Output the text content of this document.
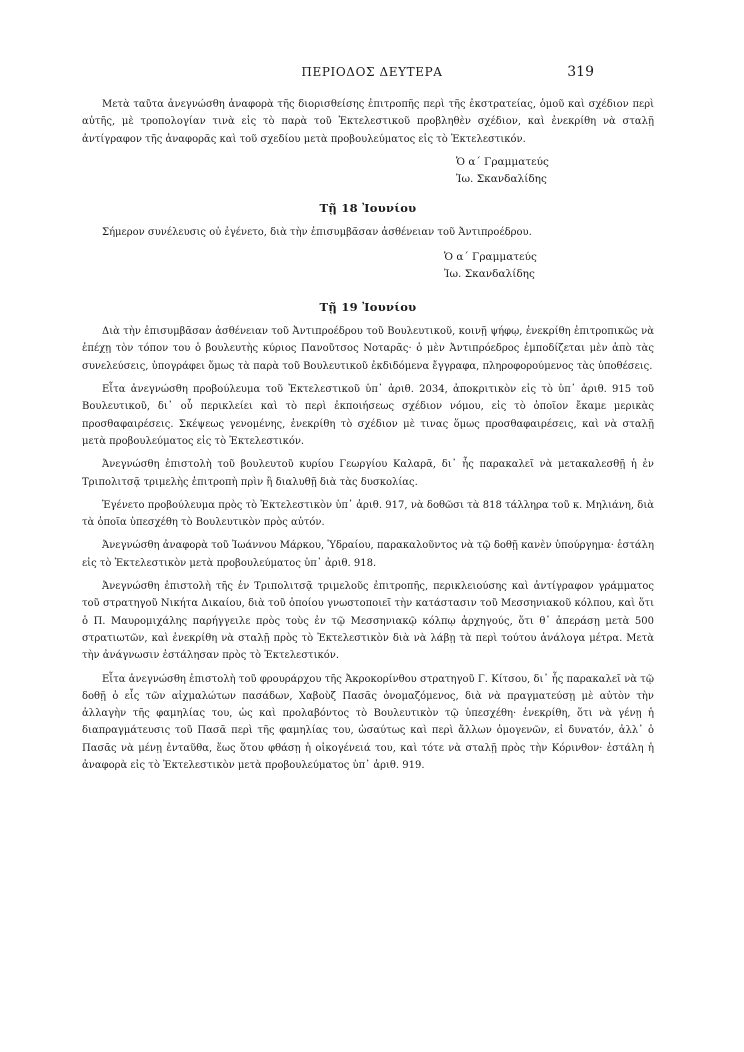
ΠΕΡΙΟΔΟΣ ΔΕΥΤΕΡΑ	319

Μετὰ ταῦτα ἀνεγνώσθη ἀναφορὰ τῆς διορισθείσης ἐπιτροπῆς περὶ τῆς ἐκστρατείας, ὁμοῦ καὶ σχέδιον περὶ αὐτῆς, μὲ τροπολογίαν τινὰ εἰς τὸ παρὰ τοῦ Ἐκτελεστικοῦ προβληθὲν σχέδιον, καὶ ἐνεκρίθη νὰ σταλῇ ἀντίγραφον τῆς ἀναφορᾶς καὶ τοῦ σχεδίου μετὰ προβουλεύματος εἰς τὸ Ἐκτελεστικόν.

Ὁ α΄ Γραμματεύς
Ἰω. Σκανδαλίδης
Τῇ 18 Ἰουνίου

Σήμερον συνέλευσις οὐ ἐγένετο, διὰ τὴν ἐπισυμβᾶσαν ἀσθένειαν τοῦ Ἀντιπροέδρου.

Ὁ α΄ Γραμματεύς
Ἰω. Σκανδαλίδης
Τῇ 19 Ἰουνίου

Διὰ τὴν ἐπισυμβᾶσαν ἀσθένειαν τοῦ Ἀντιπροέδρου τοῦ Βουλευτικοῦ, κοινῇ ψήφῳ, ἐνεκρίθη ἐπιτροπικῶς νὰ ἐπέχῃ τὸν τόπον του ὁ βουλευτὴς κύριος Πανοῦτσος Νοταρᾶς· ὁ μὲν Ἀντιπρόεδρος ἐμποδίζεται μὲν ἀπὸ τὰς συνελεύσεις, ὑπογράφει ὅμως τὰ παρὰ τοῦ Βουλευτικοῦ ἐκδιδόμενα ἔγγραφα, πληροφορούμενος τὰς ὑποθέσεις.

Εἶτα ἀνεγνώσθη προβούλευμα τοῦ Ἐκτελεστικοῦ ὑπ᾽ ἀριθ. 2034, ἀποκριτικὸν εἰς τὸ ὑπ᾽ ἀριθ. 915 τοῦ Βουλευτικοῦ, δι᾽ οὗ περικλείει καὶ τὸ περὶ ἐκποιήσεως σχέδιον νόμου, εἰς τὸ ὁποῖον ἔκαμε μερικὰς προσθαφαιρέσεις. Σκέψεως γενομένης, ἐνεκρίθη τὸ σχέδιον μὲ τινας ὅμως προσθαφαιρέσεις, καὶ νὰ σταλῇ μετὰ προβουλεύματος εἰς τὸ Ἐκτελεστικόν.

Ἀνεγνώσθη ἐπιστολὴ τοῦ βουλευτοῦ κυρίου Γεωργίου Καλαρᾶ, δι᾽ ἧς παρακαλεῖ νὰ μετακαλεσθῇ ἡ ἐν Τριπολιτσᾷ τριμελὴς ἐπιτροπὴ πρὶν ἢ διαλυθῇ διὰ τὰς δυσκολίας.

Ἐγένετο προβούλευμα πρὸς τὸ Ἐκτελεστικὸν ὑπ᾽ ἀριθ. 917, νὰ δοθῶσι τὰ 818 τάλληρα τοῦ κ. Μηλιάνη, διὰ τὰ ὁποῖα ὑπεσχέθη τὸ Βουλευτικὸν πρὸς αὐτόν.

Ἀνεγνώσθη ἀναφορὰ τοῦ Ἰωάννου Μάρκου, Ὑδραίου, παρακαλοῦντος νὰ τῷ δοθῇ κανὲν ὑπούργημα· ἐστάλη εἰς τὸ Ἐκτελεστικὸν μετὰ προβουλεύματος ὑπ᾽ ἀριθ. 918.

Ἀνεγνώσθη ἐπιστολὴ τῆς ἐν Τριπολιτσᾷ τριμελοῦς ἐπιτροπῆς, περικλειούσης καὶ ἀντίγραφον γράμματος τοῦ στρατηγοῦ Νικήτα Δικαίου, διὰ τοῦ ὁποίου γνωστοποιεῖ τὴν κατάστασιν τοῦ Μεσσηνιακοῦ κόλπου, καὶ ὅτι ὁ Π. Μαυρομιχάλης παρήγγειλε πρὸς τοὺς ἐν τῷ Μεσσηνιακῷ κόλπῳ ἀρχηγούς, ὅτι θ᾽ ἀπεράσῃ μετὰ 500 στρατιωτῶν, καὶ ἐνεκρίθη νὰ σταλῇ πρὸς τὸ Ἐκτελεστικὸν διὰ νὰ λάβῃ τὰ περὶ τούτου ἀνάλογα μέτρα. Μετὰ τὴν ἀνάγνωσιν ἐστάλησαν πρὸς τὸ Ἐκτελεστικόν.

Εἶτα ἀνεγνώσθη ἐπιστολὴ τοῦ φρουράρχου τῆς Ἀκροκορίνθου στρατηγοῦ Γ. Κίτσου, δι᾽ ἧς παρακαλεῖ νὰ τῷ δοθῇ ὁ εἷς τῶν αἰχμαλώτων πασάδων, Χαβοὺζ Πασᾶς ὀνομαζόμενος, διὰ νὰ πραγματεύσῃ μὲ αὐτὸν τὴν ἀλλαγὴν τῆς φαμηλίας του, ὡς καὶ προλαβόντος τὸ Βουλευτικὸν τῷ ὑπεσχέθη· ἐνεκρίθη, ὅτι νὰ γένῃ ἡ διαπραγμάτευσις τοῦ Πασᾶ περὶ τῆς φαμηλίας του, ὡσαύτως καὶ περὶ ἄλλων ὁμογενῶν, εἰ δυνατόν, ἀλλ᾽ ὁ Πασᾶς νὰ μένῃ ἐνταῦθα, ἕως ὅτου φθάσῃ ἡ οἰκογένειά του, καὶ τότε νὰ σταλῇ πρὸς τὴν Κόρινθον· ἐστάλη ἡ ἀναφορὰ εἰς τὸ Ἐκτελεστικὸν μετὰ προβουλεύματος ὑπ᾽ ἀριθ. 919.
